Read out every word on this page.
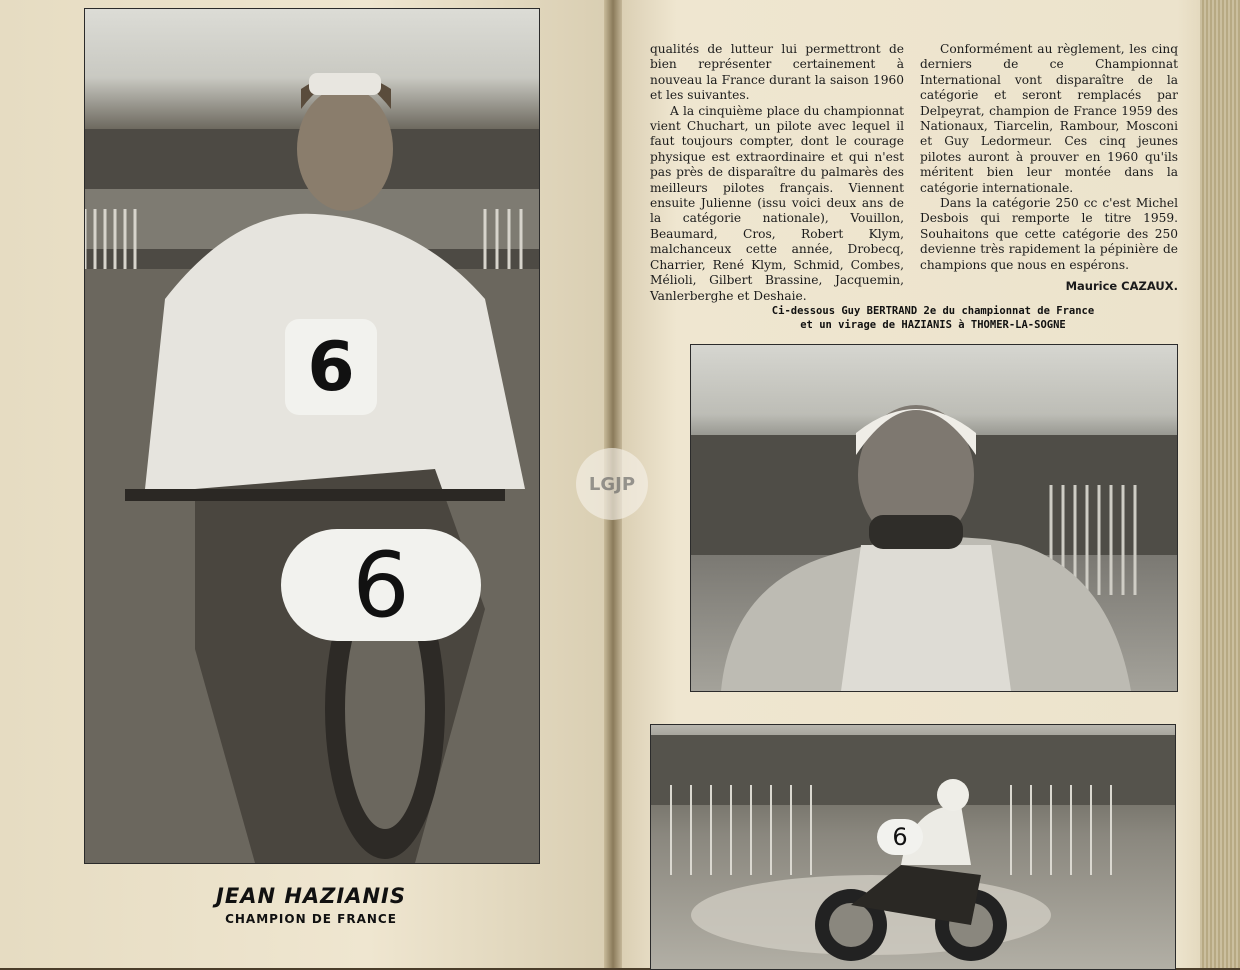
6
6
JEAN HAZIANIS
CHAMPION DE FRANCE

qualités de lutteur lui permettront de bien représenter certainement à nouveau la France durant la saison 1960 et les suivantes.

A la cinquième place du championnat vient Chuchart, un pilote avec lequel il faut toujours compter, dont le courage physique est extraordinaire et qui n'est pas près de disparaître du palmarès des meilleurs pilotes français. Viennent ensuite Julienne (issu voici deux ans de la catégorie nationale), Vouillon, Beaumard, Cros, Robert Klym, malchanceux cette année, Drobecq, Charrier, René Klym, Schmid, Combes, Mélioli, Gilbert Brassine, Jacquemin, Vanlerberghe et Deshaie.

Conformément au règlement, les cinq derniers de ce Championnat International vont disparaître de la catégorie et seront remplacés par Delpeyrat, champion de France 1959 des Nationaux, Tiarcelin, Rambour, Mosconi et Guy Ledormeur. Ces cinq jeunes pilotes auront à prouver en 1960 qu'ils méritent bien leur montée dans la catégorie internationale.

Dans la catégorie 250 cc c'est Michel Desbois qui remporte le titre 1959. Souhaitons que cette catégorie des 250 devienne très rapidement la pépinière de champions que nous en espérons.

Maurice CAZAUX.

Ci-dessous Guy BERTRAND 2e du championnat de France
et un virage de HAZIANIS à THOMER-LA-SOGNE
6
LGJP
